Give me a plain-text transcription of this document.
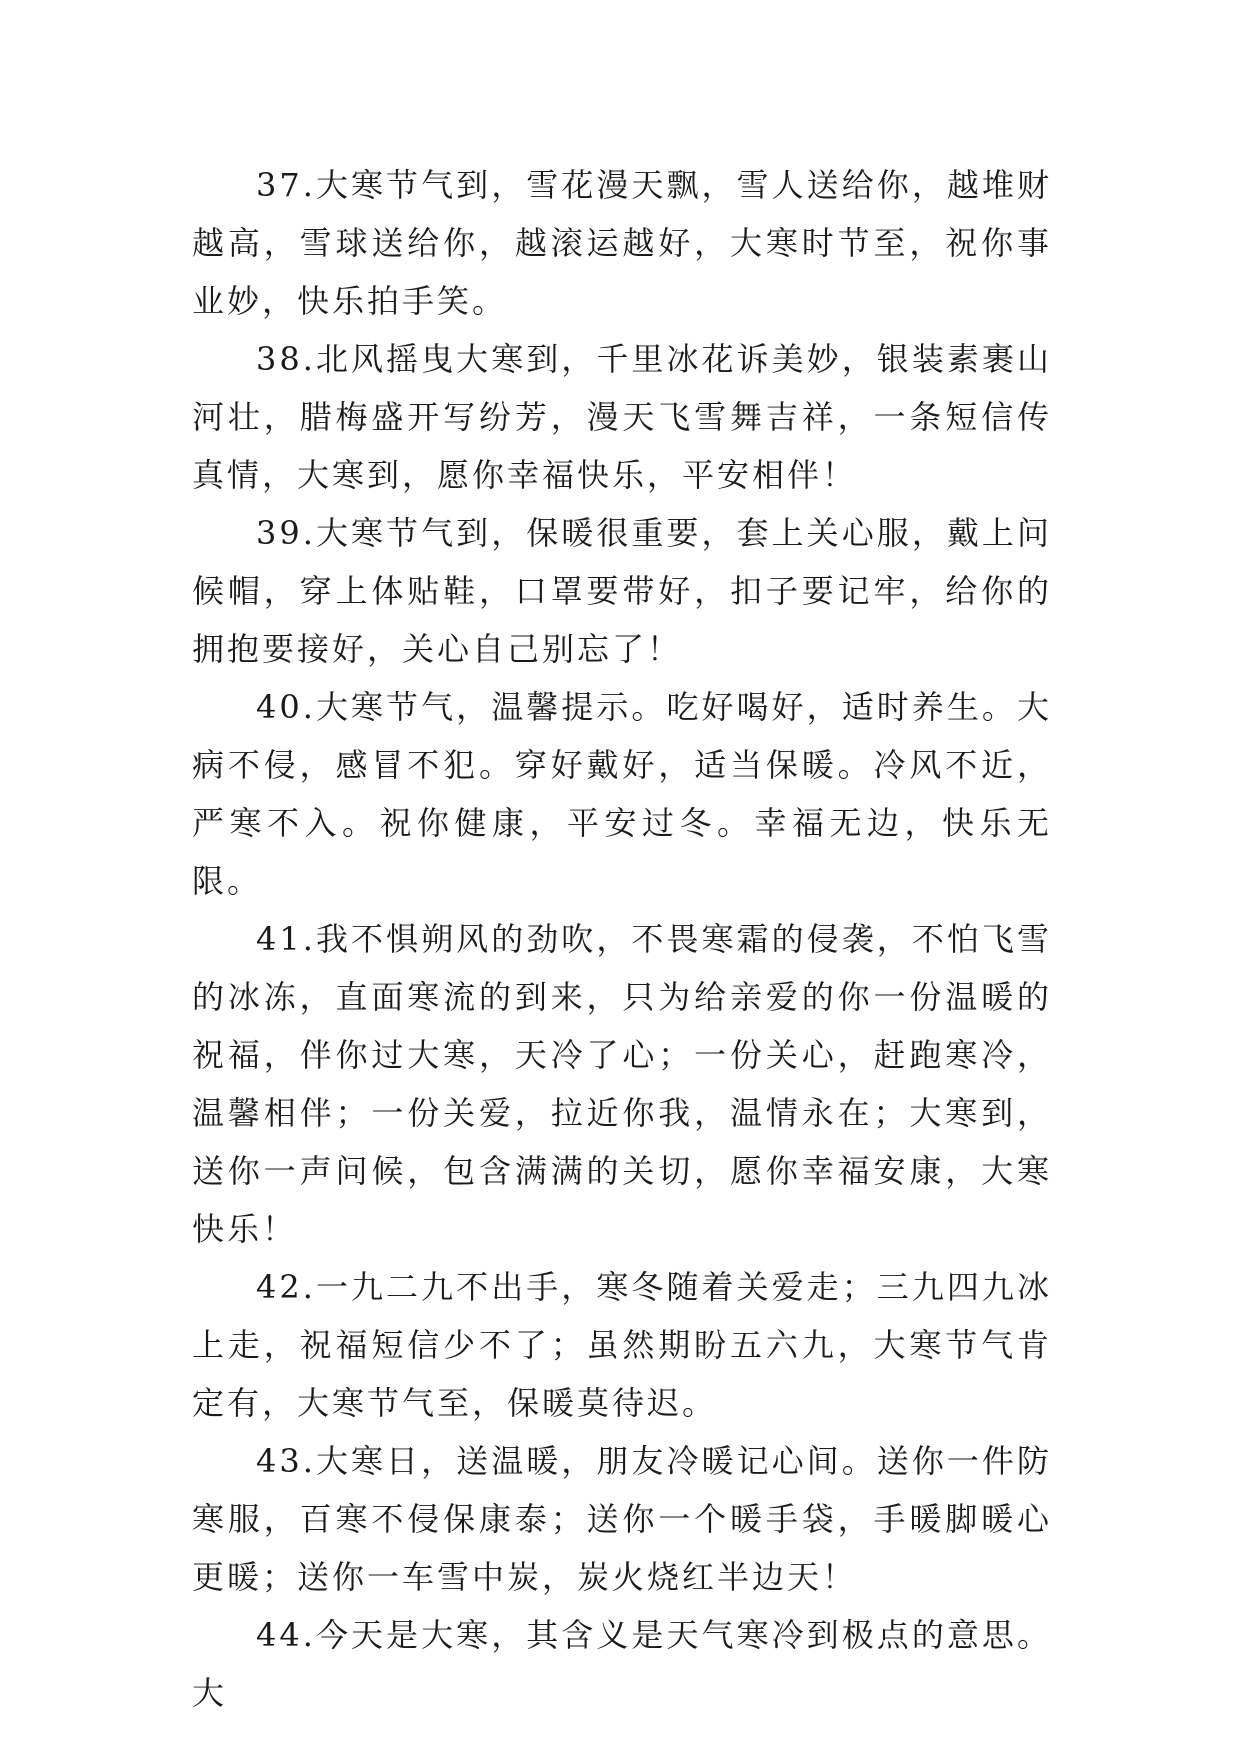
37.大寒节气到，雪花漫天飘，雪人送给你，越堆财越高，雪球送给你，越滚运越好，大寒时节至，祝你事业妙，快乐拍手笑。

38.北风摇曳大寒到，千里冰花诉美妙，银装素裹山河壮，腊梅盛开写纷芳，漫天飞雪舞吉祥，一条短信传真情，大寒到，愿你幸福快乐，平安相伴！

39.大寒节气到，保暖很重要，套上关心服，戴上问候帽，穿上体贴鞋，口罩要带好，扣子要记牢，给你的拥抱要接好，关心自己别忘了！

40.大寒节气，温馨提示。吃好喝好，适时养生。大病不侵，感冒不犯。穿好戴好，适当保暖。冷风不近，严寒不入。祝你健康，平安过冬。幸福无边，快乐无限。

41.我不惧朔风的劲吹，不畏寒霜的侵袭，不怕飞雪的冰冻，直面寒流的到来，只为给亲爱的你一份温暖的祝福，伴你过大寒，天冷了心；一份关心，赶跑寒冷，温馨相伴；一份关爱，拉近你我，温情永在；大寒到，送你一声问候，包含满满的关切，愿你幸福安康，大寒快乐！

42.一九二九不出手，寒冬随着关爱走；三九四九冰上走，祝福短信少不了；虽然期盼五六九，大寒节气肯定有，大寒节气至，保暖莫待迟。

43.大寒日，送温暖，朋友冷暖记心间。送你一件防寒服，百寒不侵保康泰；送你一个暖手袋，手暖脚暖心更暖；送你一车雪中炭，炭火烧红半边天！

44.今天是大寒，其含义是天气寒冷到极点的意思。大
